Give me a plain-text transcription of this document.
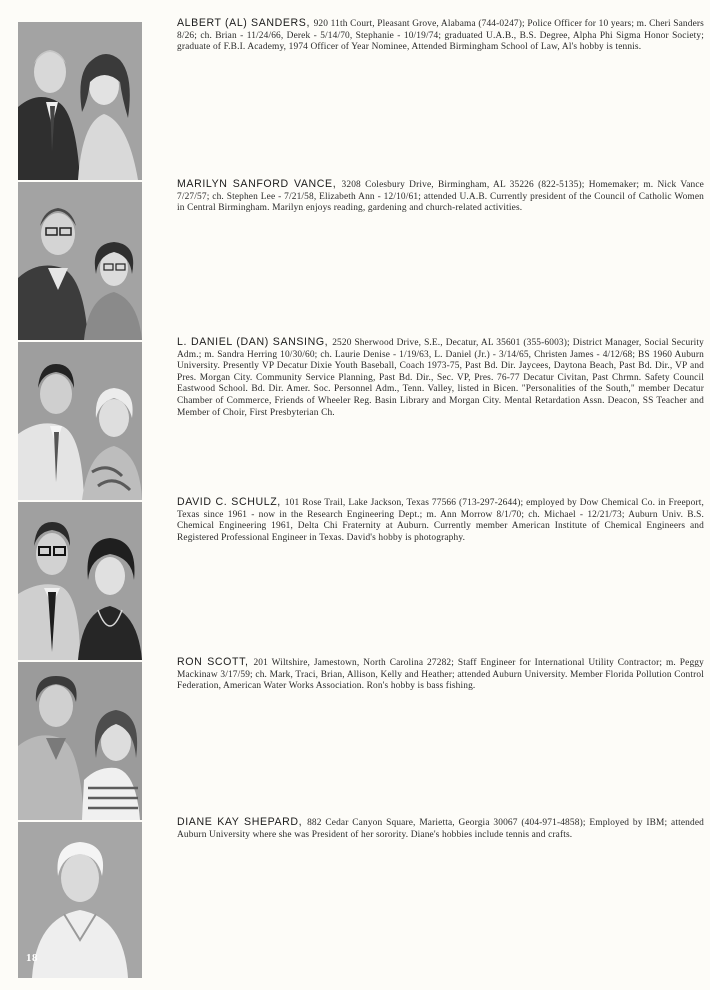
18
ALBERT (AL) SANDERS, 920 11th Court, Pleasant Grove, Alabama (744-0247); Police Officer for 10 years; m. Cheri Sanders 8/26; ch. Brian - 11/24/66, Derek - 5/14/70, Stephanie - 10/19/74; graduated U.A.B., B.S. Degree, Alpha Phi Sigma Honor Society; graduate of F.B.I. Academy, 1974 Officer of Year Nominee, Attended Birmingham School of Law, Al's hobby is tennis.
MARILYN SANFORD VANCE, 3208 Colesbury Drive, Birmingham, AL 35226 (822-5135); Homemaker; m. Nick Vance 7/27/57; ch. Stephen Lee - 7/21/58, Elizabeth Ann - 12/10/61; attended U.A.B. Currently president of the Council of Catholic Women in Central Birmingham. Marilyn enjoys reading, gardening and church-related activities.
L. DANIEL (DAN) SANSING, 2520 Sherwood Drive, S.E., Decatur, AL 35601 (355-6003); District Manager, Social Security Adm.; m. Sandra Herring 10/30/60; ch. Laurie Denise - 1/19/63, L. Daniel (Jr.) - 3/14/65, Christen James - 4/12/68; BS 1960 Auburn University. Presently VP Decatur Dixie Youth Baseball, Coach 1973-75, Past Bd. Dir. Jaycees, Daytona Beach, Past Bd. Dir., VP and Pres. Morgan City. Community Service Planning, Past Bd. Dir., Sec. VP, Pres. 76-77 Decatur Civitan, Past Chrmn. Safety Council Eastwood School. Bd. Dir. Amer. Soc. Personnel Adm., Tenn. Valley, listed in Bicen. "Personalities of the South," member Decatur Chamber of Commerce, Friends of Wheeler Reg. Basin Library and Morgan City. Mental Retardation Assn. Deacon, SS Teacher and Member of Choir, First Presbyterian Ch.
DAVID C. SCHULZ, 101 Rose Trail, Lake Jackson, Texas 77566 (713-297-2644); employed by Dow Chemical Co. in Freeport, Texas since 1961 - now in the Research Engineering Dept.; m. Ann Morrow 8/1/70; ch. Michael - 12/21/73; Auburn Univ. B.S. Chemical Engineering 1961, Delta Chi Fraternity at Auburn. Currently member American Institute of Chemical Engineers and Registered Professional Engineer in Texas. David's hobby is photography.
RON SCOTT, 201 Wiltshire, Jamestown, North Carolina 27282; Staff Engineer for International Utility Contractor; m. Peggy Mackinaw 3/17/59; ch. Mark, Traci, Brian, Allison, Kelly and Heather; attended Auburn University. Member Florida Pollution Control Federation, American Water Works Association. Ron's hobby is bass fishing.
DIANE KAY SHEPARD, 882 Cedar Canyon Square, Marietta, Georgia 30067 (404-971-4858); Employed by IBM; attended Auburn University where she was President of her sorority. Diane's hobbies include tennis and crafts.
